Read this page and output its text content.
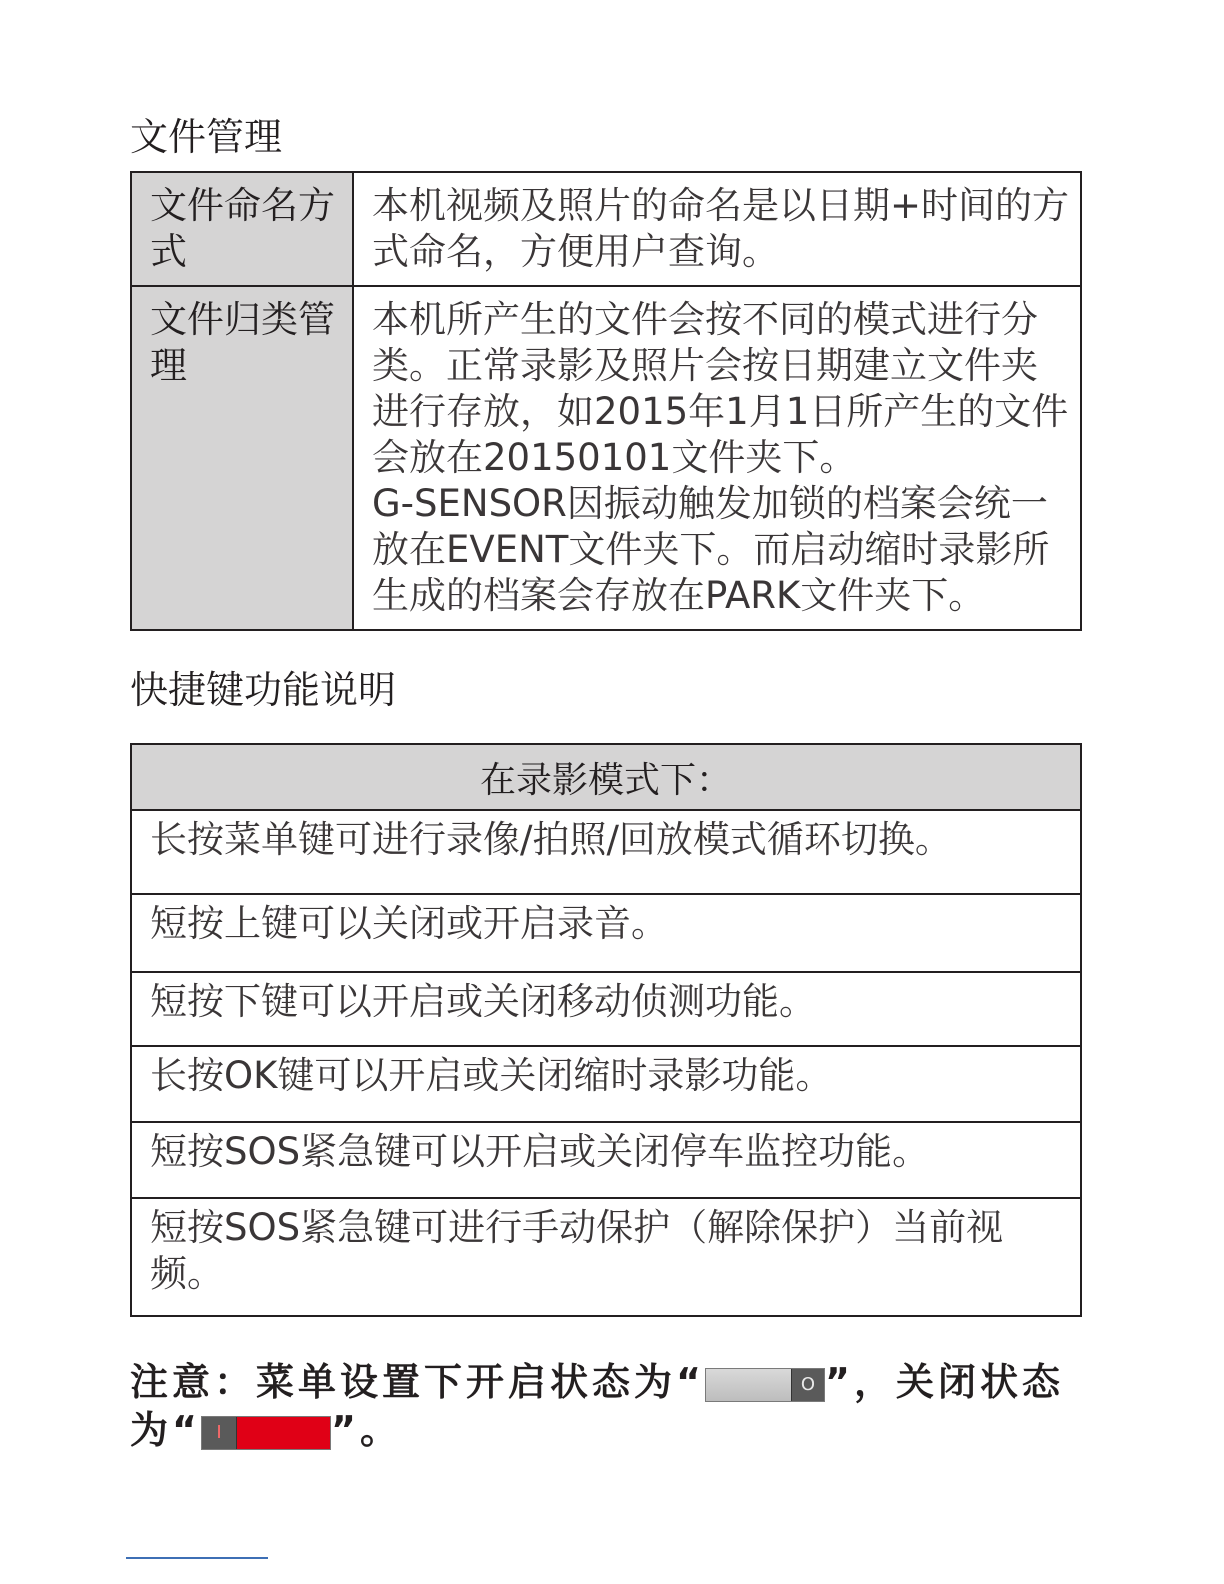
文件管理
文件命名方式	本机视频及照片的命名是以日期+时间的方式命名，方便用户查询。
文件归类管理	本机所产生的文件会按不同的模式进行分类。正常录影及照片会按日期建立文件夹进行存放，如2015年1月1日所产生的文件会放在20150101文件夹下。
G-SENSOR因振动触发加锁的档案会统一放在EVENT文件夹下。而启动缩时录影所生成的档案会存放在PARK文件夹下。
快捷键功能说明
在录影模式下：
长按菜单键可进行录像/拍照/回放模式循环切换。
短按上键可以关闭或开启录音。
短按下键可以开启或关闭移动侦测功能。
长按OK键可以开启或关闭缩时录影功能。
短按SOS紧急键可以开启或关闭停车监控功能。
短按SOS紧急键可进行手动保护（解除保护）当前视频。
注意：菜单设置下开启状态为“	O ”，关闭状态
为“ I	”。
